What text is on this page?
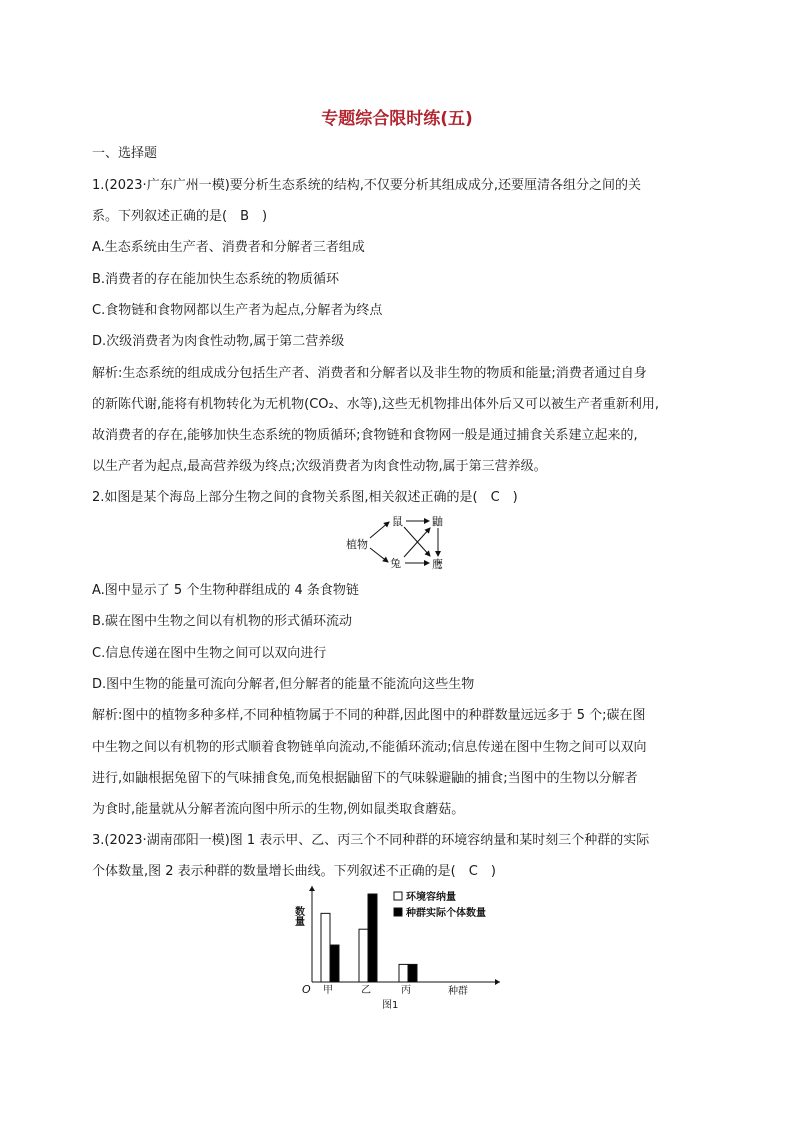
专题综合限时练(五)
一、选择题
1.(2023·广东广州一模)要分析生态系统的结构,不仅要分析其组成成分,还要厘清各组分之间的关
系。下列叙述正确的是(　B　)
A.生态系统由生产者、消费者和分解者三者组成
B.消费者的存在能加快生态系统的物质循环
C.食物链和食物网都以生产者为起点,分解者为终点
D.次级消费者为肉食性动物,属于第二营养级
解析:生态系统的组成成分包括生产者、消费者和分解者以及非生物的物质和能量;消费者通过自身
的新陈代谢,能将有机物转化为无机物(CO₂、水等),这些无机物排出体外后又可以被生产者重新利用,
故消费者的存在,能够加快生态系统的物质循环;食物链和食物网一般是通过捕食关系建立起来的,
以生产者为起点,最高营养级为终点;次级消费者为肉食性动物,属于第三营养级。
2.如图是某个海岛上部分生物之间的食物关系图,相关叙述正确的是(　C　)
植物
鼠
兔
鼬
鹰
A.图中显示了 5 个生物种群组成的 4 条食物链
B.碳在图中生物之间以有机物的形式循环流动
C.信息传递在图中生物之间可以双向进行
D.图中生物的能量可流向分解者,但分解者的能量不能流向这些生物
解析:图中的植物多种多样,不同种植物属于不同的种群,因此图中的种群数量远远多于 5 个;碳在图
中生物之间以有机物的形式顺着食物链单向流动,不能循环流动;信息传递在图中生物之间可以双向
进行,如鼬根据兔留下的气味捕食兔,而兔根据鼬留下的气味躲避鼬的捕食;当图中的生物以分解者
为食时,能量就从分解者流向图中所示的生物,例如鼠类取食蘑菇。
3.(2023·湖南邵阳一模)图 1 表示甲、乙、丙三个不同种群的环境容纳量和某时刻三个种群的实际
个体数量,图 2 表示种群的数量增长曲线。下列叙述不正确的是(　C　)
数量
O	种群
甲	乙	丙
图1
环境容纳量
种群实际个体数量
